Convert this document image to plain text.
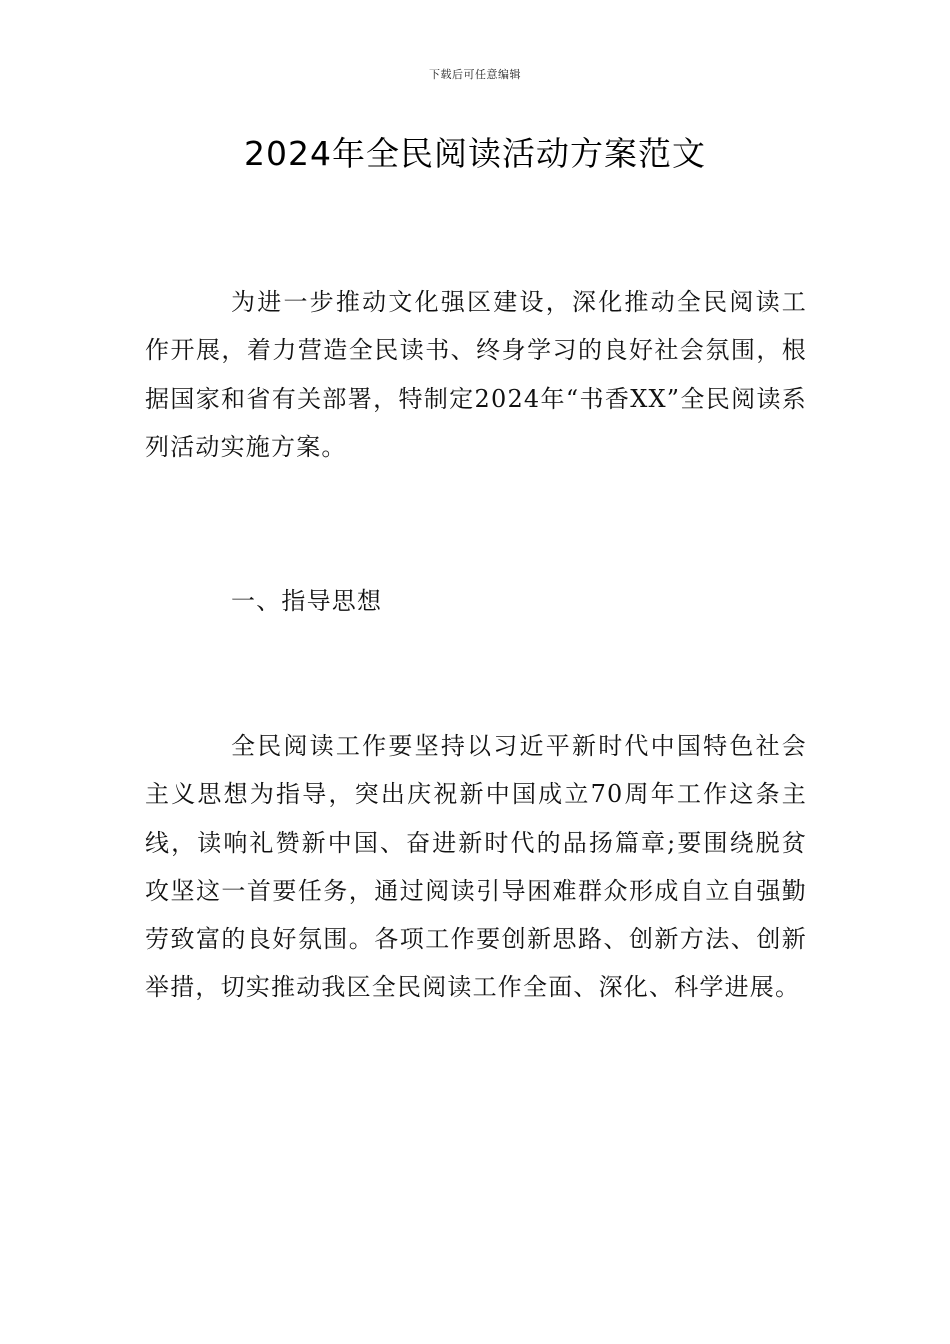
下载后可任意编辑
2024年全民阅读活动方案范文

为进一步推动文化强区建设，深化推动全民阅读工作开展，着力营造全民读书、终身学习的良好社会氛围，根据国家和省有关部署，特制定2024年“书香XX”全民阅读系列活动实施方案。

一、指导思想

全民阅读工作要坚持以习近平新时代中国特色社会主义思想为指导，突出庆祝新中国成立70周年工作这条主线，读响礼赞新中国、奋进新时代的品扬篇章;要围绕脱贫攻坚这一首要任务，通过阅读引导困难群众形成自立自强勤劳致富的良好氛围。各项工作要创新思路、创新方法、创新举措，切实推动我区全民阅读工作全面、深化、科学进展。
